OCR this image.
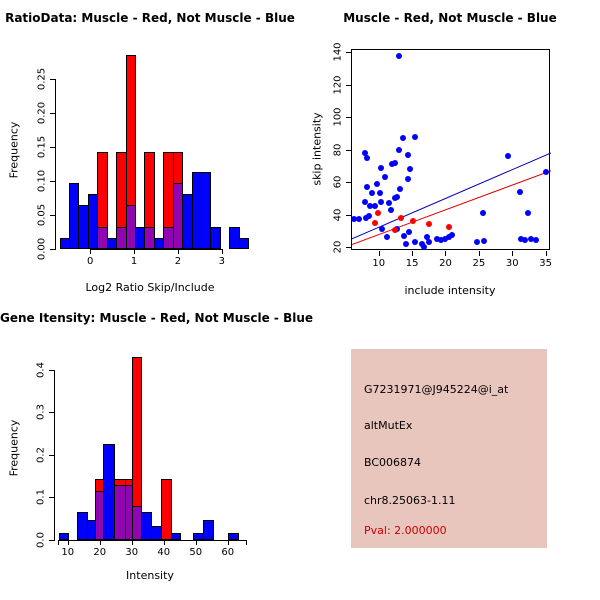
RatioData: Muscle - Red, Not Muscle - Blue
Frequency
0	1	2	3
0.00
0.05
0.10
0.15
0.20
0.25
Log2 Ratio Skip/Include
Muscle - Red, Not Muscle - Blue
skip intensity
10 15 20 25 30 35
20
40
60
80
100
120
140
include intensity
Gene Itensity: Muscle - Red, Not Muscle - Blue
Frequency
10 20 30 40 50 60
0.0
0.1
0.2
0.3
0.4
Intensity
G7231971@J945224@i_at
altMutEx
BC006874
chr8.25063-1.11
Pval: 2.000000
